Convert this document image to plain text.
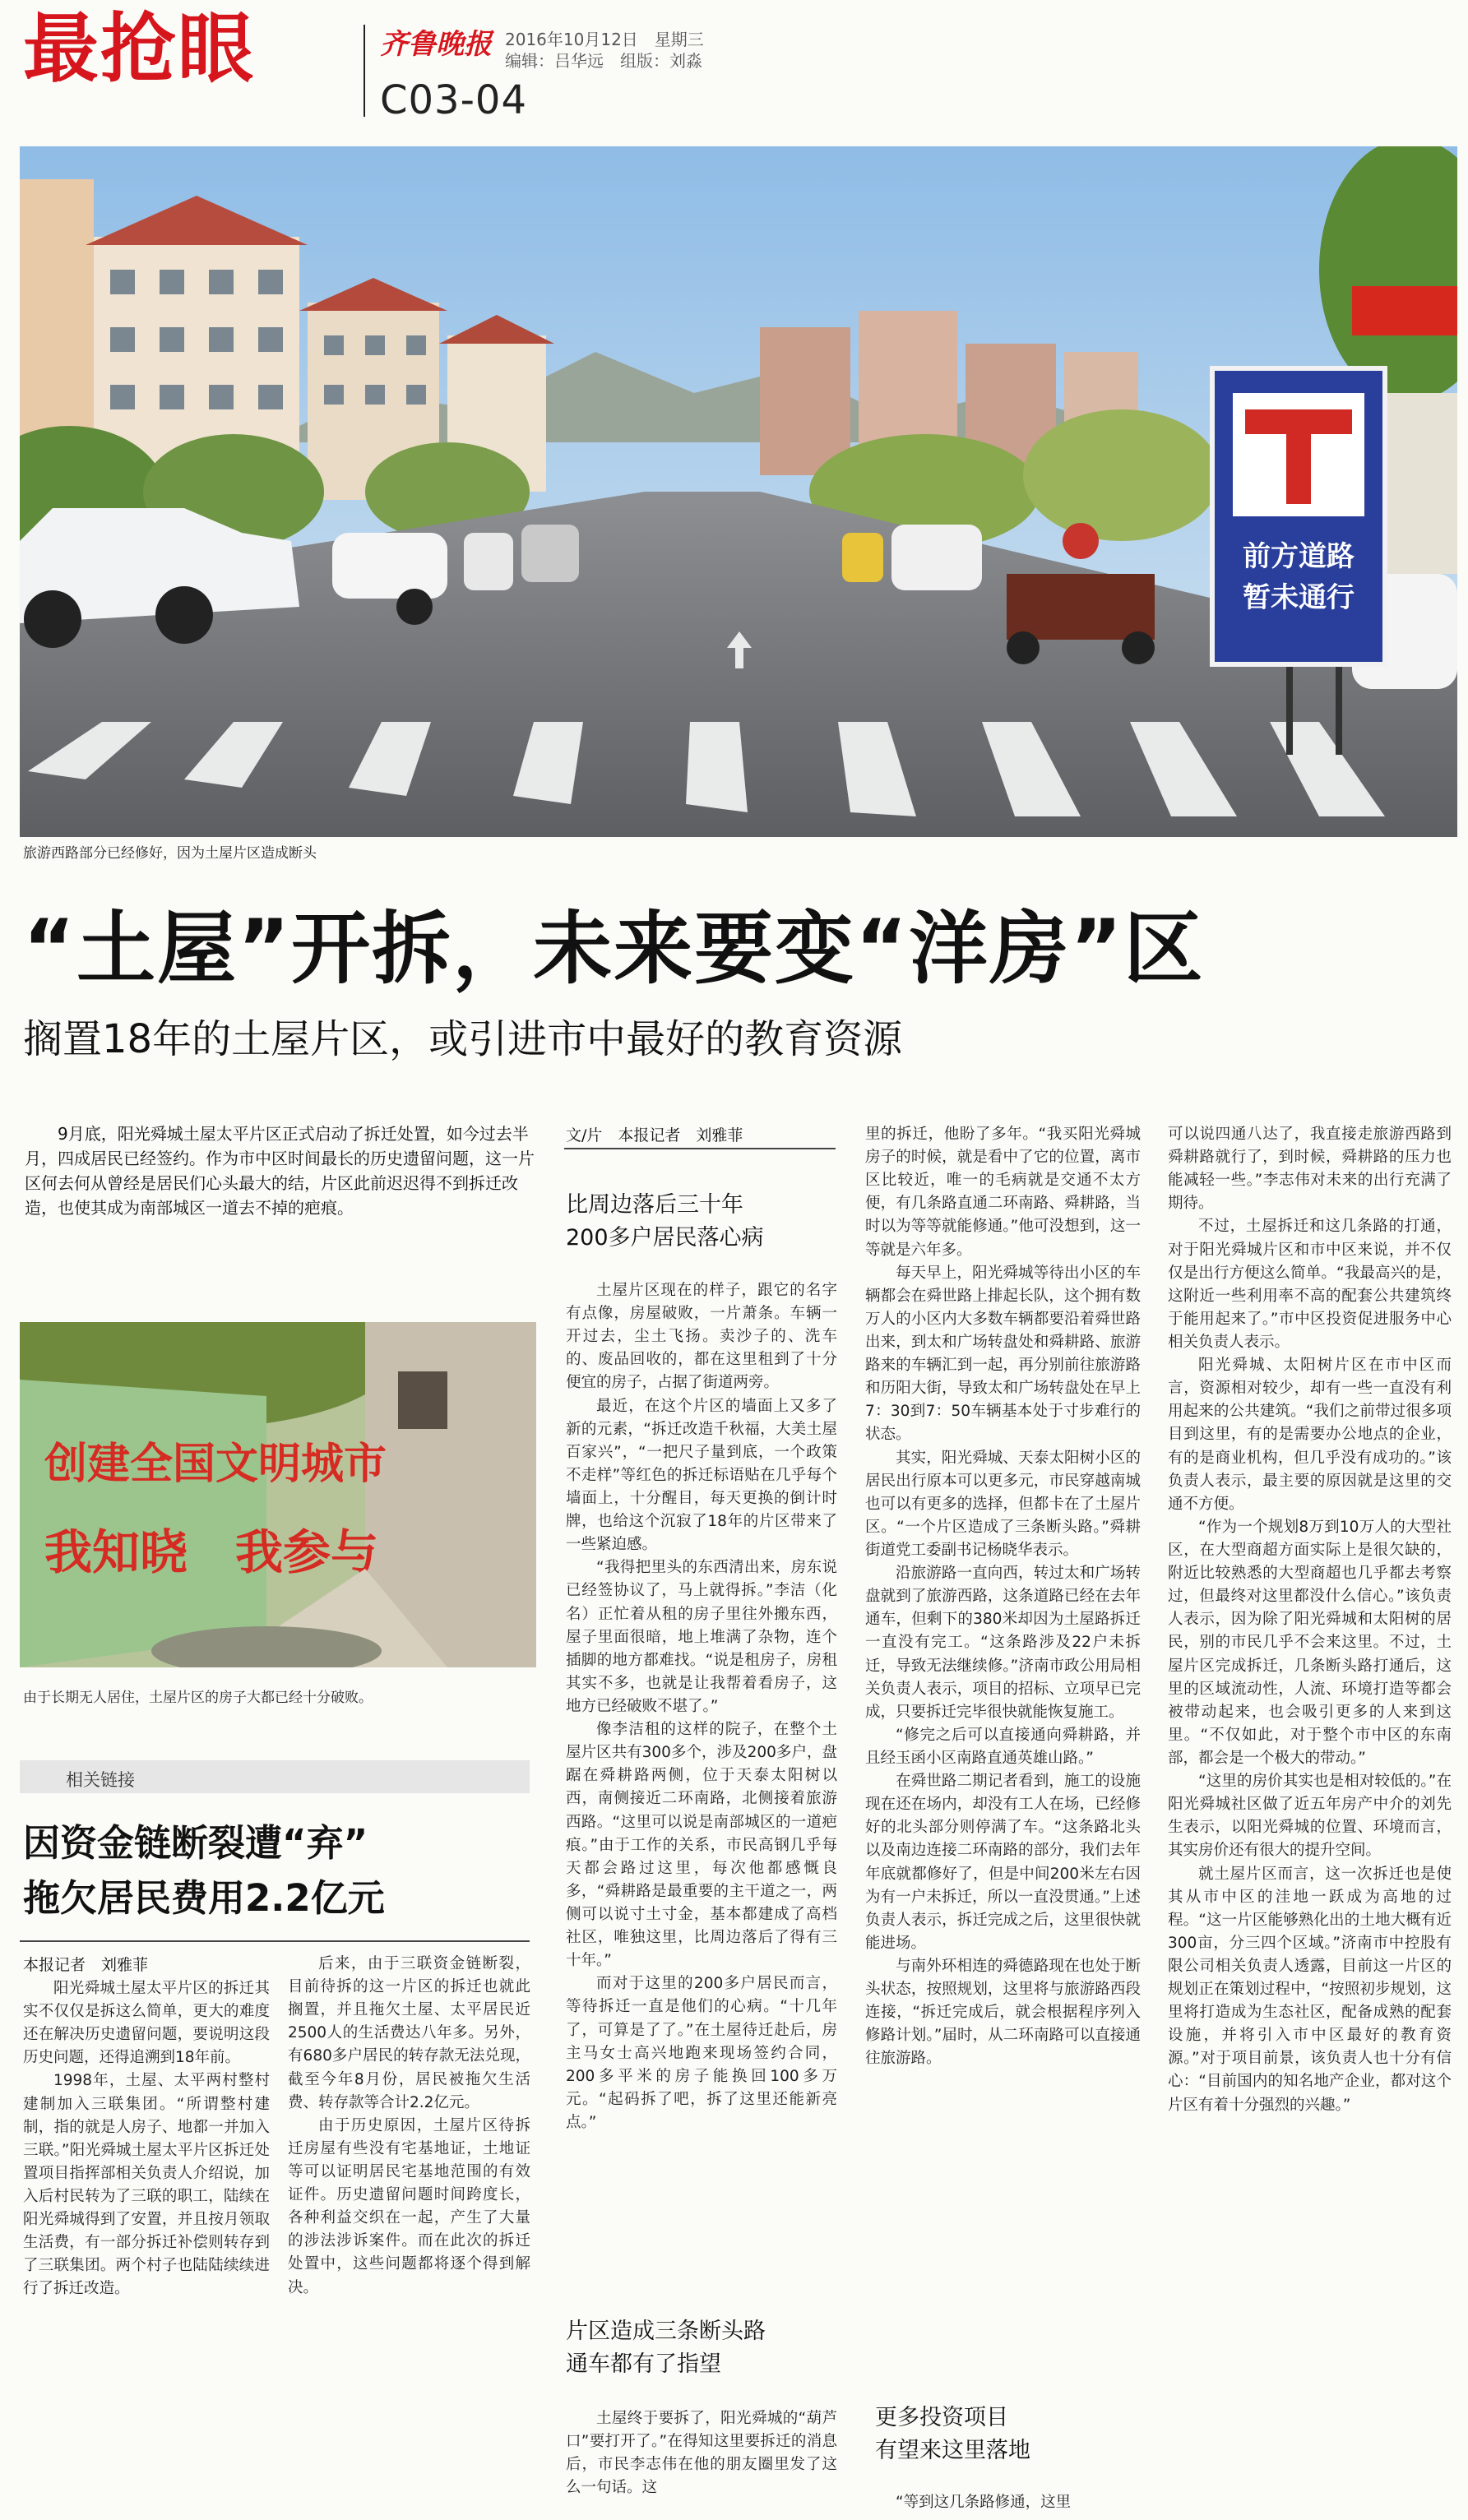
最抢眼	齐鲁晚报 2016年10月12日　星期三
编辑：吕华远　组版：刘淼
C03-04
前方道路
暂未通行
旅游西路部分已经修好，因为土屋片区造成断头
“土屋”开拆，未来要变“洋房”区
搁置18年的土屋片区，或引进市中最好的教育资源
9月底，阳光舜城土屋太平片区正式启动了拆迁处置，如今过去半月，四成居民已经签约。作为市中区时间最长的历史遗留问题，这一片区何去何从曾经是居民们心头最大的结，片区此前迟迟得不到拆迁改造，也使其成为南部城区一道去不掉的疤痕。
创建全国文明城市
我知晓　我参与
由于长期无人居住，土屋片区的房子大都已经十分破败。
相关链接
因资金链断裂遭“弃”
拖欠居民费用2.2亿元
本报记者　刘雅菲

阳光舜城土屋太平片区的拆迁其实不仅仅是拆这么简单，更大的难度还在解决历史遗留问题，要说明这段历史问题，还得追溯到18年前。

1998年，土屋、太平两村整村建制加入三联集团。“所谓整村建制，指的就是人房子、地都一并加入三联。”阳光舜城土屋太平片区拆迁处置项目指挥部相关负责人介绍说，加入后村民转为了三联的职工，陆续在阳光舜城得到了安置，并且按月领取生活费，有一部分拆迁补偿则转存到了三联集团。两个村子也陆陆续续进行了拆迁改造。

后来，由于三联资金链断裂，目前待拆的这一片区的拆迁也就此搁置，并且拖欠土屋、太平居民近2500人的生活费达八年多。另外，有680多户居民的转存款无法兑现，截至今年8月份，居民被拖欠生活费、转存款等合计2.2亿元。

由于历史原因，土屋片区待拆迁房屋有些没有宅基地证，土地证等可以证明居民宅基地范围的有效证件。历史遗留问题时间跨度长，各种利益交织在一起，产生了大量的涉法涉诉案件。而在此次的拆迁处置中，这些问题都将逐个得到解决。

文/片　本报记者　刘雅菲
比周边落后三十年
200多户居民落心病

土屋片区现在的样子，跟它的名字有点像，房屋破败，一片萧条。车辆一开过去，尘土飞扬。卖沙子的、洗车的、废品回收的，都在这里租到了十分便宜的房子，占据了街道两旁。

最近，在这个片区的墙面上又多了新的元素，“拆迁改造千秋福，大美土屋百家兴”，“一把尺子量到底，一个政策不走样”等红色的拆迁标语贴在几乎每个墙面上，十分醒目，每天更换的倒计时牌，也给这个沉寂了18年的片区带来了一些紧迫感。

“我得把里头的东西清出来，房东说已经签协议了，马上就得拆。”李洁（化名）正忙着从租的房子里往外搬东西，屋子里面很暗，地上堆满了杂物，连个插脚的地方都难找。“说是租房子，房租其实不多，也就是让我帮着看房子，这地方已经破败不堪了。”

像李洁租的这样的院子，在整个土屋片区共有300多个，涉及200多户，盘踞在舜耕路两侧，位于天泰太阳树以西，南侧接近二环南路，北侧接着旅游西路。“这里可以说是南部城区的一道疤痕。”由于工作的关系，市民高钢几乎每天都会路过这里，每次他都感慨良多，“舜耕路是最重要的主干道之一，两侧可以说寸土寸金，基本都建成了高档社区，唯独这里，比周边落后了得有三十年。”

而对于这里的200多户居民而言，等待拆迁一直是他们的心病。“十几年了，可算是了了。”在土屋待迁赴后，房主马女士高兴地跑来现场签约合同，200多平米的房子能换回100多万元。“起码拆了吧，拆了这里还能新亮点。”

片区造成三条断头路
通车都有了指望

土屋终于要拆了，阳光舜城的“葫芦口”要打开了。”在得知这里要拆迁的消息后，市民李志伟在他的朋友圈里发了这么一句话。这

里的拆迁，他盼了多年。“我买阳光舜城房子的时候，就是看中了它的位置，离市区比较近，唯一的毛病就是交通不太方便，有几条路直通二环南路、舜耕路，当时以为等等就能修通。”他可没想到，这一等就是六年多。

每天早上，阳光舜城等待出小区的车辆都会在舜世路上排起长队，这个拥有数万人的小区内大多数车辆都要沿着舜世路出来，到太和广场转盘处和舜耕路、旅游路来的车辆汇到一起，再分别前往旅游路和历阳大街，导致太和广场转盘处在早上7：30到7：50车辆基本处于寸步难行的状态。

其实，阳光舜城、天泰太阳树小区的居民出行原本可以更多元，市民穿越南城也可以有更多的选择，但都卡在了土屋片区。“一个片区造成了三条断头路。”舜耕街道党工委副书记杨晓华表示。

沿旅游路一直向西，转过太和广场转盘就到了旅游西路，这条道路已经在去年通车，但剩下的380米却因为土屋路拆迁一直没有完工。“这条路涉及22户未拆迁，导致无法继续修。”济南市政公用局相关负责人表示，项目的招标、立项早已完成，只要拆迁完毕很快就能恢复施工。

“修完之后可以直接通向舜耕路，并且经玉函小区南路直通英雄山路。”

在舜世路二期记者看到，施工的设施现在还在场内，却没有工人在场，已经修好的北头部分则停满了车。“这条路北头以及南边连接二环南路的部分，我们去年年底就都修好了，但是中间200米左右因为有一户未拆迁，所以一直没贯通。”上述负责人表示，拆迁完成之后，这里很快就能进场。

与南外环相连的舜德路现在也处于断头状态，按照规划，这里将与旅游路西段连接，“拆迁完成后，就会根据程序列入修路计划。”届时，从二环南路可以直接通往旅游路。

更多投资项目
有望来这里落地

“等到这几条路修通，这里

可以说四通八达了，我直接走旅游西路到舜耕路就行了，到时候，舜耕路的压力也能减轻一些。”李志伟对未来的出行充满了期待。

不过，土屋拆迁和这几条路的打通，对于阳光舜城片区和市中区来说，并不仅仅是出行方便这么简单。“我最高兴的是，这附近一些利用率不高的配套公共建筑终于能用起来了。”市中区投资促进服务中心相关负责人表示。

阳光舜城、太阳树片区在市中区而言，资源相对较少，却有一些一直没有利用起来的公共建筑。“我们之前带过很多项目到这里，有的是需要办公地点的企业，有的是商业机构，但几乎没有成功的。”该负责人表示，最主要的原因就是这里的交通不方便。

“作为一个规划8万到10万人的大型社区，在大型商超方面实际上是很欠缺的，附近比较熟悉的大型商超也几乎都去考察过，但最终对这里都没什么信心。”该负责人表示，因为除了阳光舜城和太阳树的居民，别的市民几乎不会来这里。不过，土屋片区完成拆迁，几条断头路打通后，这里的区域流动性，人流、环境打造等都会被带动起来，也会吸引更多的人来到这里。“不仅如此，对于整个市中区的东南部，都会是一个极大的带动。”

“这里的房价其实也是相对较低的。”在阳光舜城社区做了近五年房产中介的刘先生表示，以阳光舜城的位置、环境而言，其实房价还有很大的提升空间。

就土屋片区而言，这一次拆迁也是使其从市中区的洼地一跃成为高地的过程。“这一片区能够熟化出的土地大概有近300亩，分三四个区域。”济南市中控股有限公司相关负责人透露，目前这一片区的规划正在策划过程中，“按照初步规划，这里将打造成为生态社区，配备成熟的配套设施，并将引入市中区最好的教育资源。”对于项目前景，该负责人也十分有信心：“目前国内的知名地产企业，都对这个片区有着十分强烈的兴趣。”
